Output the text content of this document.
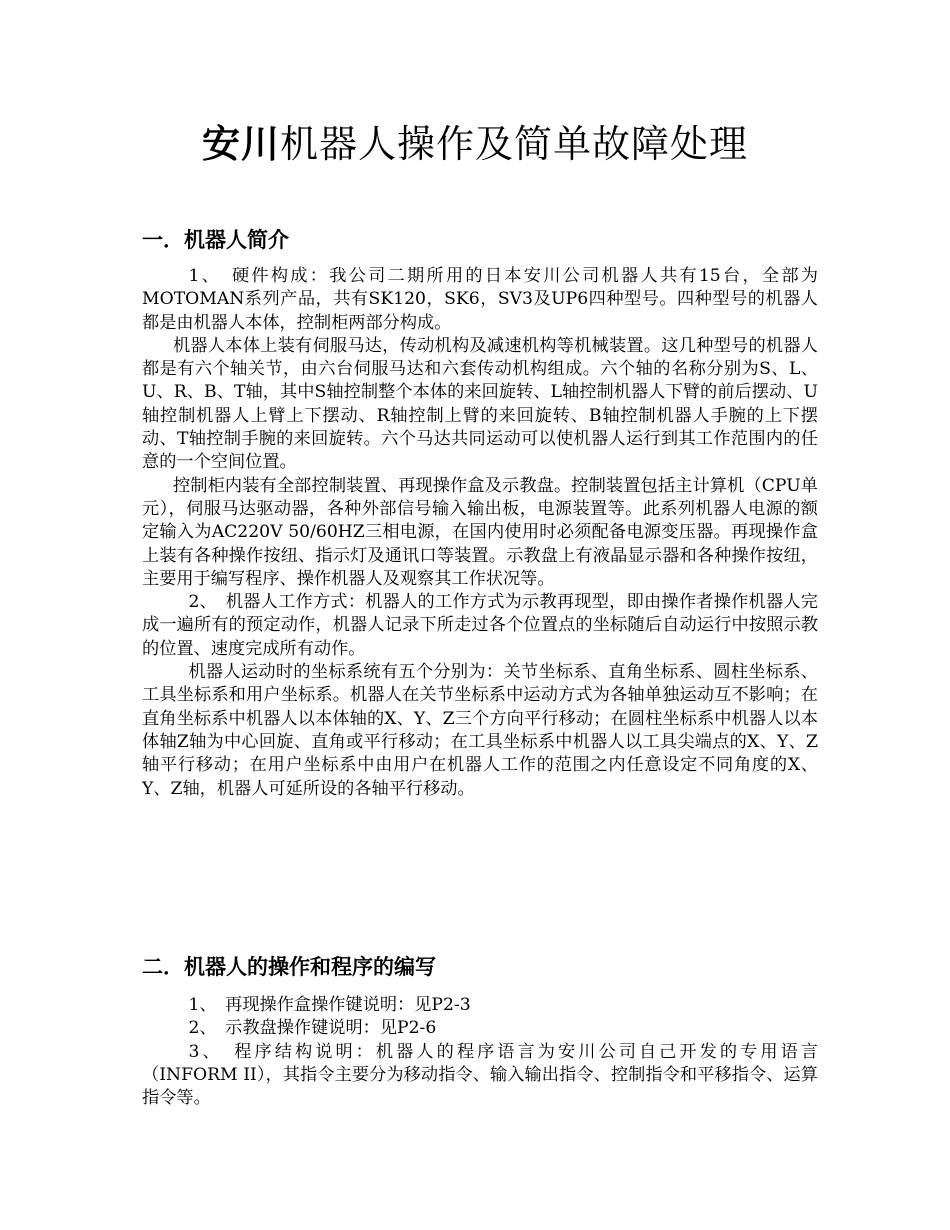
安川机器人操作及简单故障处理
一．机器人简介

1、　硬件构成：我公司二期所用的日本安川公司机器人共有15台，全部为MOTOMAN系列产品，共有SK120，SK6，SV3及UP6四种型号。四种型号的机器人都是由机器人本体，控制柜两部分构成。

机器人本体上装有伺服马达，传动机构及减速机构等机械装置。这几种型号的机器人都是有六个轴关节，由六台伺服马达和六套传动机构组成。六个轴的名称分别为S、L、U、R、B、T轴，其中S轴控制整个本体的来回旋转、L轴控制机器人下臂的前后摆动、U轴控制机器人上臂上下摆动、R轴控制上臂的来回旋转、B轴控制机器人手腕的上下摆动、T轴控制手腕的来回旋转。六个马达共同运动可以使机器人运行到其工作范围内的任意的一个空间位置。

控制柜内装有全部控制装置、再现操作盒及示教盘。控制装置包括主计算机（CPU单元），伺服马达驱动器，各种外部信号输入输出板，电源装置等。此系列机器人电源的额定输入为AC220V 50/60HZ三相电源，在国内使用时必须配备电源变压器。再现操作盒上装有各种操作按纽、指示灯及通讯口等装置。示教盘上有液晶显示器和各种操作按纽，主要用于编写程序、操作机器人及观察其工作状况等。

2、　机器人工作方式：机器人的工作方式为示教再现型，即由操作者操作机器人完成一遍所有的预定动作，机器人记录下所走过各个位置点的坐标随后自动运行中按照示教的位置、速度完成所有动作。

机器人运动时的坐标系统有五个分别为：关节坐标系、直角坐标系、圆柱坐标系、工具坐标系和用户坐标系。机器人在关节坐标系中运动方式为各轴单独运动互不影响；在直角坐标系中机器人以本体轴的X、Y、Z三个方向平行移动；在圆柱坐标系中机器人以本体轴Z轴为中心回旋、直角或平行移动；在工具坐标系中机器人以工具尖端点的X、Y、Z轴平行移动；在用户坐标系中由用户在机器人工作的范围之内任意设定不同角度的X、Y、Z轴，机器人可延所设的各轴平行移动。

二．机器人的操作和程序的编写

1、　再现操作盒操作键说明：见P2-3

2、　示教盘操作键说明：见P2-6

3、　程序结构说明：机器人的程序语言为安川公司自己开发的专用语言（INFORM II），其指令主要分为移动指令、输入输出指令、控制指令和平移指令、运算指令等。
